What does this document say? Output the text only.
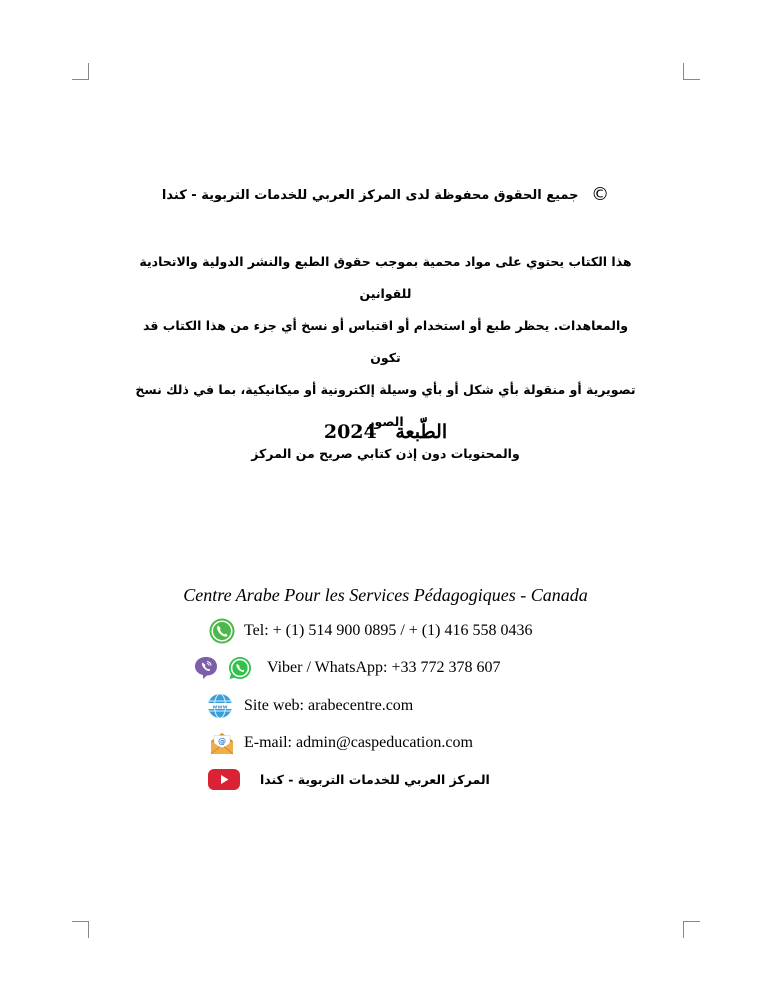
© جميع الحقوق محفوظة لدى المركز العربي للخدمات التربوية - كندا
هذا الكتاب يحتوي على مواد محمية بموجب حقوق الطبع والنشر الدولية والاتحادية للقوانين
والمعاهدات. يحظر طبع أو استخدام أو اقتباس أو نسخ أي جزء من هذا الكتاب قد تكون
تصويرية أو منقولة بأي شكل أو بأي وسيلة إلكترونية أو ميكانيكية، بما في ذلك نسخ الصور
والمحتويات دون إذن كتابي صريح من المركز
الطّبعة 2024
Centre Arabe Pour les Services Pédagogiques - Canada
Tel: + (1) 514 900 0895 / + (1) 416 558 0436
Viber / WhatsApp: +33 772 378 607
www Site web: arabecentre.com
@ E-mail: admin@caspeducation.com
المركز العربي للخدمات التربوية - كندا
